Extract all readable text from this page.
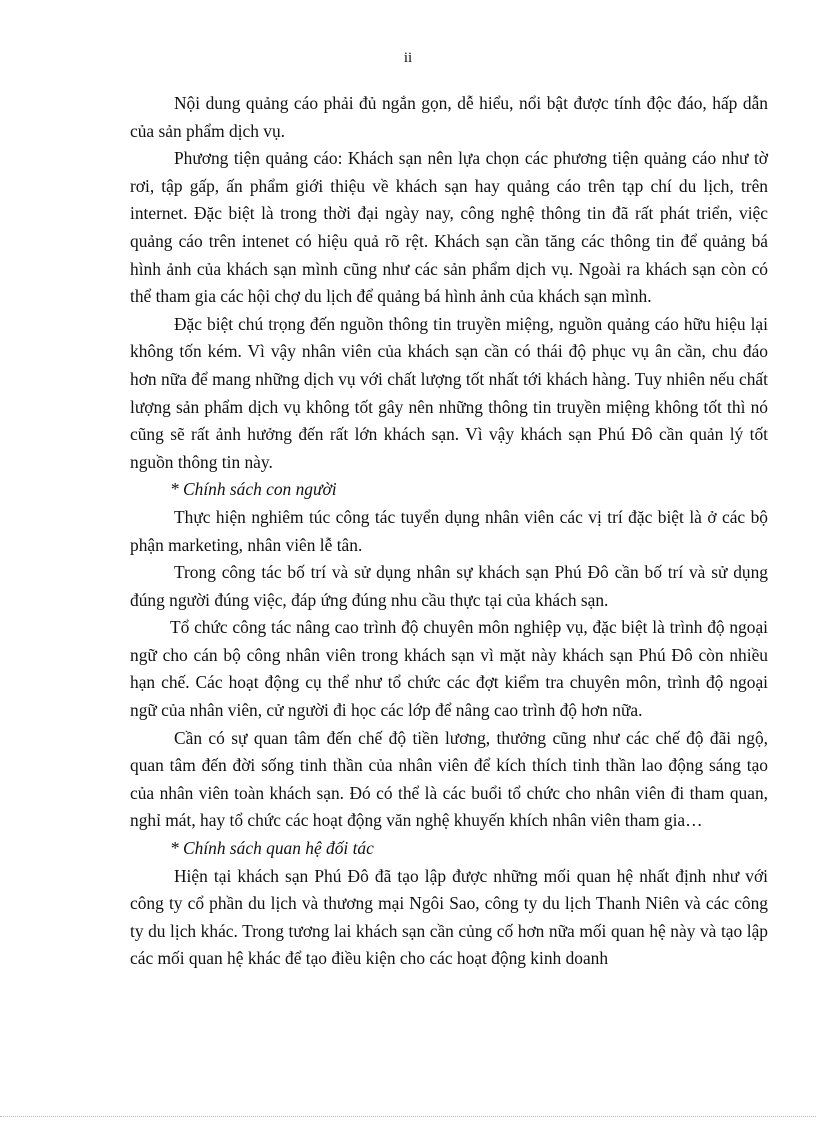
ii

Nội dung quảng cáo phải đủ ngắn gọn, dễ hiểu, nổi bật được tính độc đáo, hấp dẫn của sản phẩm dịch vụ.

Phương tiện quảng cáo: Khách sạn nên lựa chọn các phương tiện quảng cáo như tờ rơi, tập gấp, ấn phẩm giới thiệu về khách sạn hay quảng cáo trên tạp chí du lịch, trên internet. Đặc biệt là trong thời đại ngày nay, công nghệ thông tin đã rất phát triển, việc quảng cáo trên intenet có hiệu quả rõ rệt. Khách sạn cần tăng các thông tin để quảng bá hình ảnh của khách sạn mình cũng như các sản phẩm dịch vụ. Ngoài ra khách sạn còn có thể tham gia các hội chợ du lịch để quảng bá hình ảnh của khách sạn mình.

Đặc biệt chú trọng đến nguồn thông tin truyền miệng, nguồn quảng cáo hữu hiệu lại không tốn kém. Vì vậy nhân viên của khách sạn cần có thái độ phục vụ ân cần, chu đáo hơn nữa để mang những dịch vụ với chất lượng tốt nhất tới khách hàng. Tuy nhiên nếu chất lượng sản phẩm dịch vụ không tốt gây nên những thông tin truyền miệng không tốt thì nó cũng sẽ rất ảnh hưởng đến rất lớn khách sạn. Vì vậy khách sạn Phú Đô cần quản lý tốt nguồn thông tin này.

* Chính sách con người

Thực hiện nghiêm túc công tác tuyển dụng nhân viên các vị trí đặc biệt là ở các bộ phận marketing, nhân viên lễ tân.

Trong công tác bố trí và sử dụng nhân sự khách sạn Phú Đô cần bố trí và sử dụng đúng người đúng việc, đáp ứng đúng nhu cầu thực tại của khách sạn.

Tổ chức công tác nâng cao trình độ chuyên môn nghiệp vụ, đặc biệt là trình độ ngoại ngữ cho cán bộ công nhân viên trong khách sạn vì mặt này khách sạn Phú Đô còn nhiều hạn chế. Các hoạt động cụ thể như tổ chức các đợt kiểm tra chuyên môn, trình độ ngoại ngữ của nhân viên, cử người đi học các lớp để nâng cao trình độ hơn nữa.

Cần có sự quan tâm đến chế độ tiền lương, thưởng cũng như các chế độ đãi ngộ, quan tâm đến đời sống tinh thần của nhân viên để kích thích tinh thần lao động sáng tạo của nhân viên toàn khách sạn. Đó có thể là các buổi tổ chức cho nhân viên đi tham quan, nghỉ mát, hay tổ chức các hoạt động văn nghệ khuyến khích nhân viên tham gia…

* Chính sách quan hệ đối tác

Hiện tại khách sạn Phú Đô đã tạo lập được những mối quan hệ nhất định như với công ty cổ phần du lịch và thương mại Ngôi Sao, công ty du lịch Thanh Niên và các công ty du lịch khác. Trong tương lai khách sạn cần củng cố hơn nữa mối quan hệ này và tạo lập các mối quan hệ khác để tạo điều kiện cho các hoạt động kinh doanh
